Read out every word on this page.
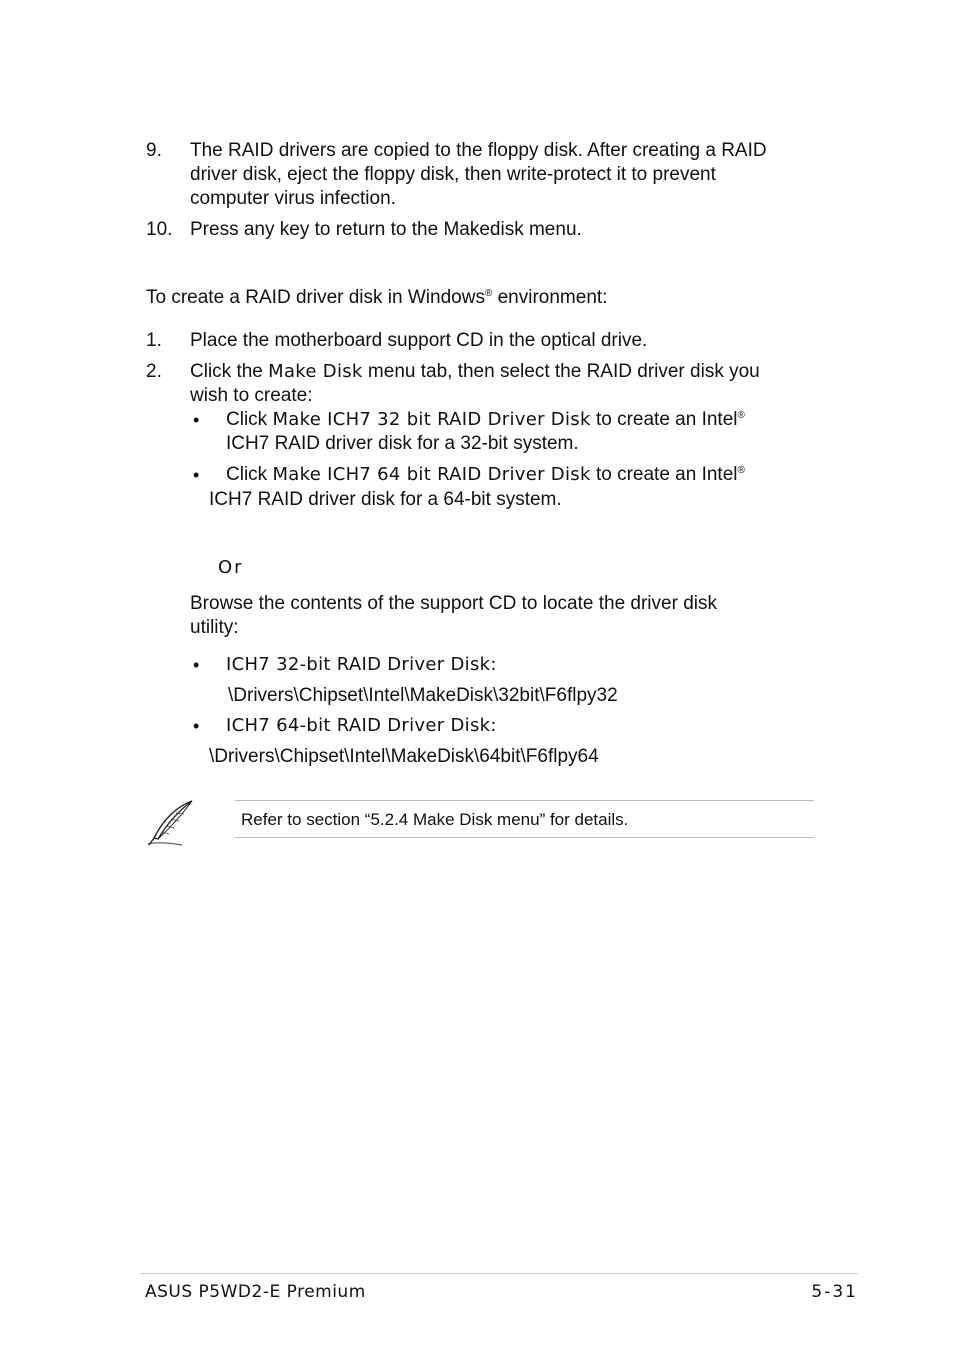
9. The RAID drivers are copied to the floppy disk. After creating a RAID
driver disk, eject the floppy disk, then write-protect it to prevent
computer virus infection.
10. Press any key to return to the Makedisk menu.
To create a RAID driver disk in Windows® environment:
1. Place the motherboard support CD in the optical drive.
2. Click the Make Disk menu tab, then select the RAID driver disk you
wish to create:
• Click Make ICH7 32 bit RAID Driver Disk to create an Intel®
ICH7 RAID driver disk for a 32-bit system.
• Click Make ICH7 64 bit RAID Driver Disk to create an Intel®
ICH7 RAID driver disk for a 64-bit system.
Or
Browse the contents of the support CD to locate the driver disk
utility:
• ICH7 32-bit RAID Driver Disk:
\Drivers\Chipset\Intel\MakeDisk\32bit\F6flpy32
• ICH7 64-bit RAID Driver Disk:
\Drivers\Chipset\Intel\MakeDisk\64bit\F6flpy64
Refer to section “5.2.4 Make Disk menu” for details.
ASUS P5WD2-E Premium	5-31
